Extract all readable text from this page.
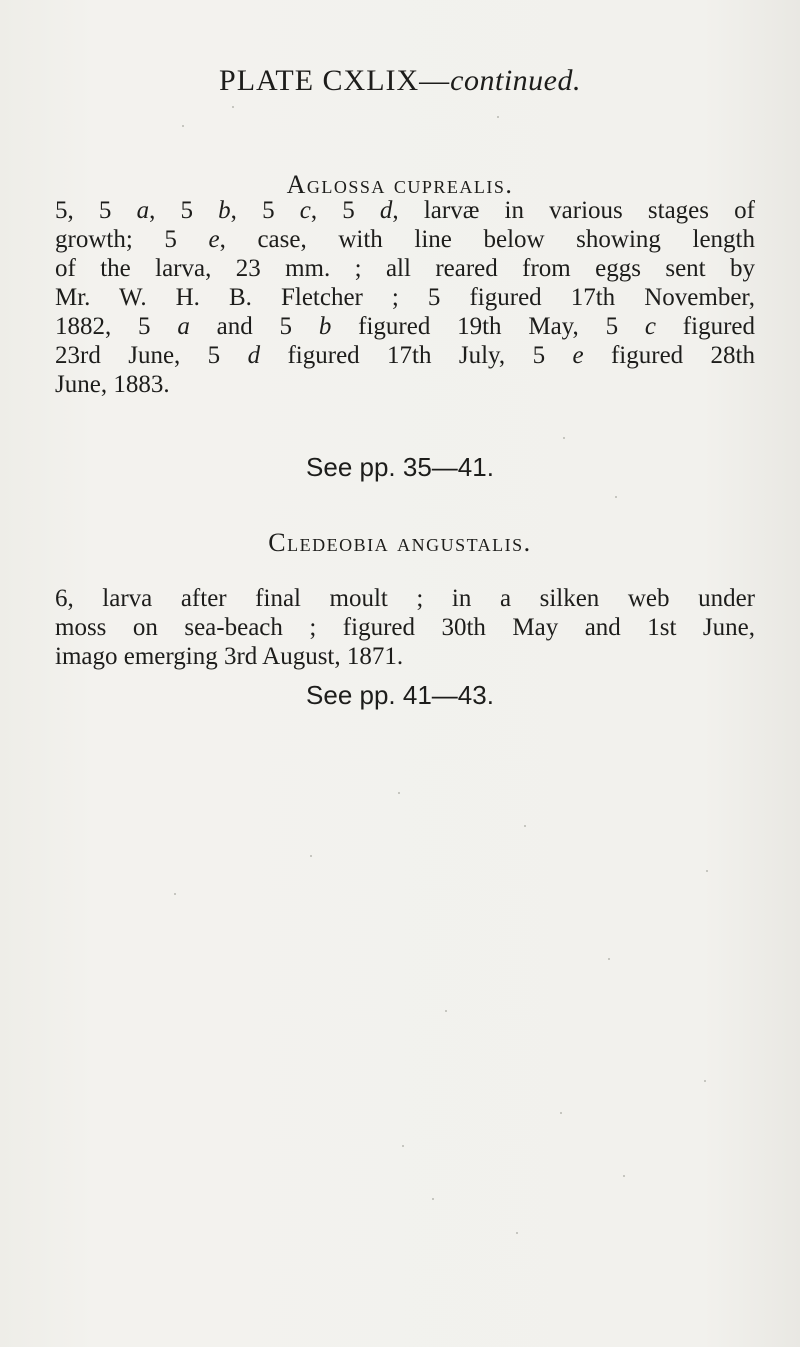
PLATE CXLIX—continued.
Aglossa cuprealis.
5, 5 a, 5 b, 5 c, 5 d, larvæ in various stages of
growth; 5 e, case, with line below showing length
of the larva, 23 mm. ; all reared from eggs sent by
Mr. W. H. B. Fletcher ; 5 figured 17th November,
1882, 5 a and 5 b figured 19th May, 5 c figured
23rd June, 5 d figured 17th July, 5 e figured 28th
June, 1883.
See pp. 35—41.
Cledeobia angustalis.
6, larva after final moult ; in a silken web under
moss on sea-beach ; figured 30th May and 1st June,
imago emerging 3rd August, 1871.
See pp. 41—43.
